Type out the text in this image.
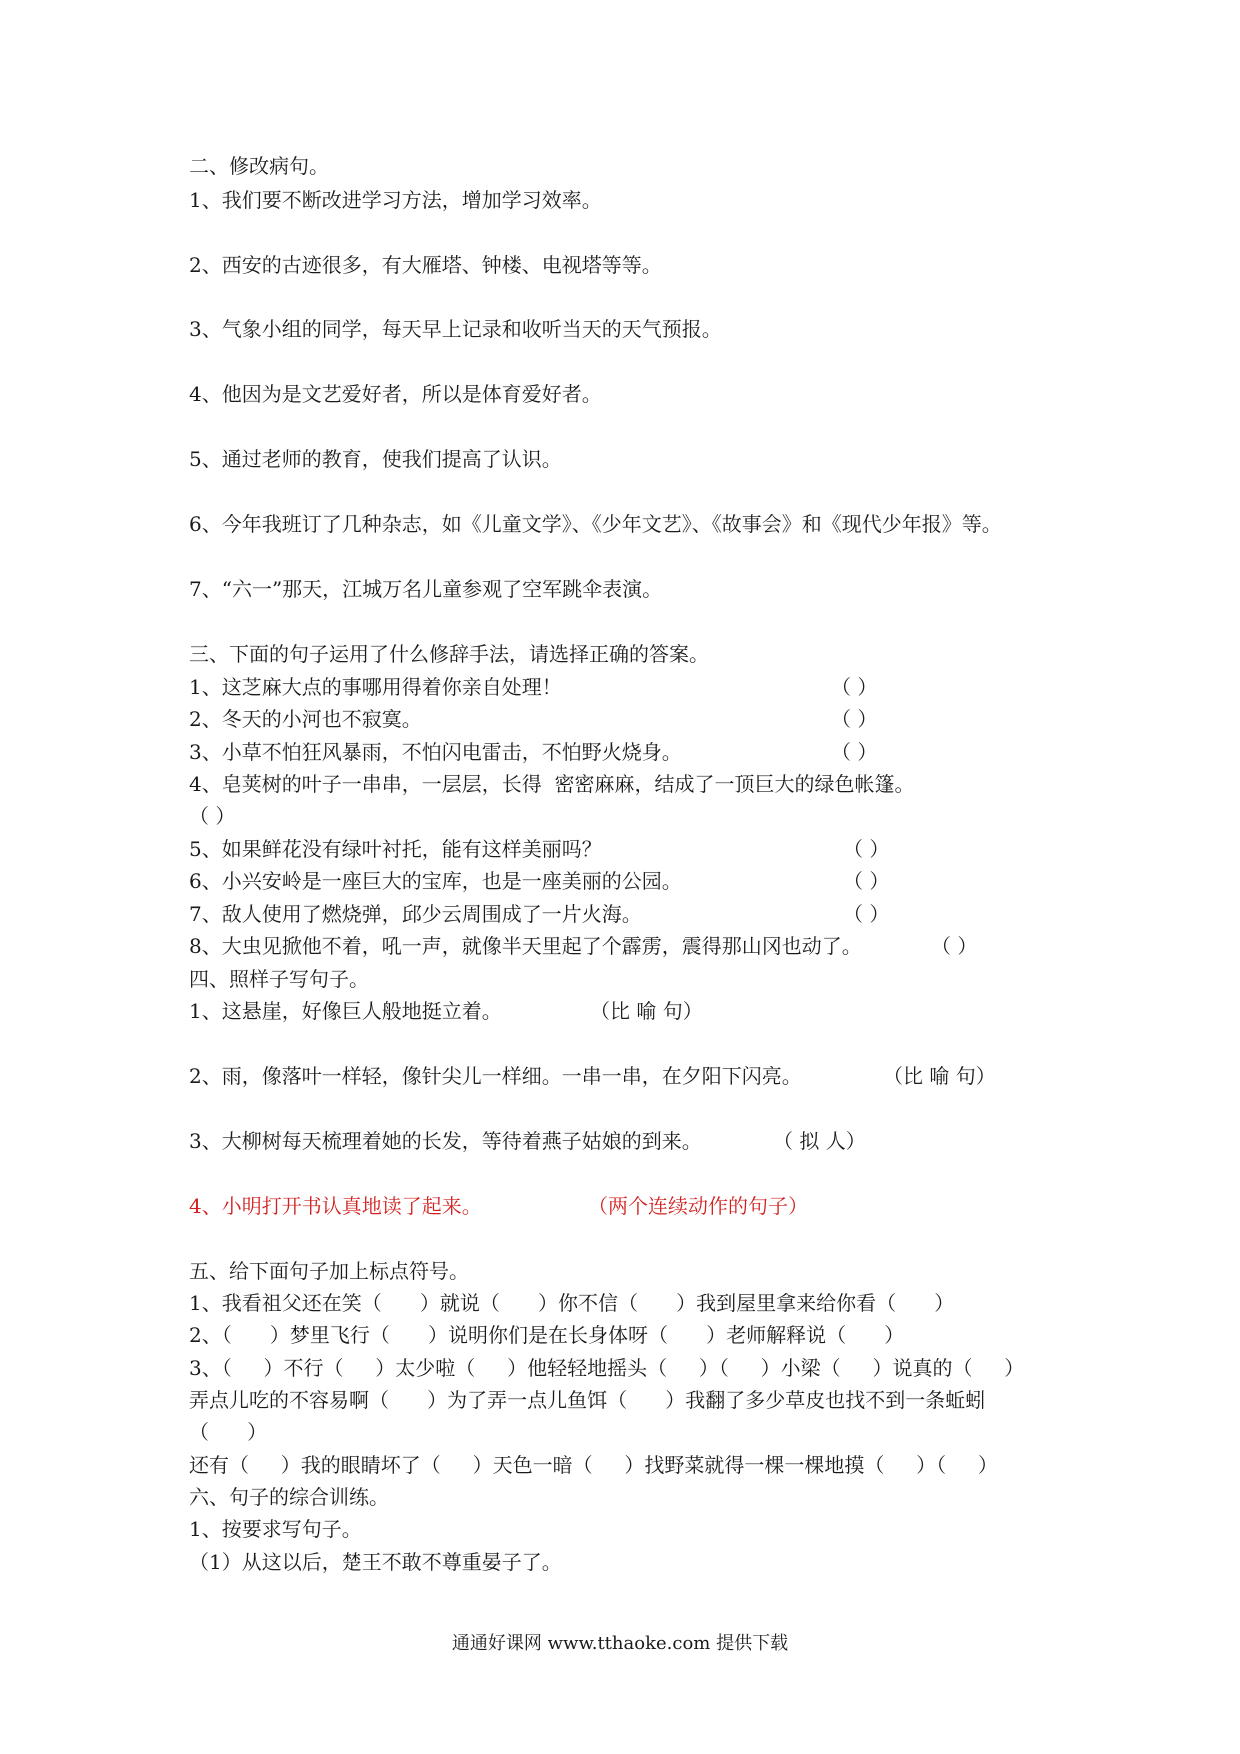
二、修改病句。
1、我们要不断改进学习方法，增加学习效率。
2、西安的古迹很多，有大雁塔、钟楼、电视塔等等。
3、气象小组的同学，每天早上记录和收听当天的天气预报。
4、他因为是文艺爱好者，所以是体育爱好者。
5、通过老师的教育，使我们提高了认识。
6、今年我班订了几种杂志，如《儿童文学》、《少年文艺》、《故事会》和《现代少年报》等。
7、“六一”那天，江城万名儿童参观了空军跳伞表演。
三、下面的句子运用了什么修辞手法，请选择正确的答案。
1、这芝麻大点的事哪用得着你亲自处理！	（ ）
2、冬天的小河也不寂寞。	（ ）
3、小草不怕狂风暴雨，不怕闪电雷击，不怕野火烧身。	（ ）
4、皂荚树的叶子一串串，一层层，长得  密密麻麻，结成了一顶巨大的绿色帐篷。
（ ）
5、如果鲜花没有绿叶衬托，能有这样美丽吗？	（ ）
6、小兴安岭是一座巨大的宝库，也是一座美丽的公园。	（ ）
7、敌人使用了燃烧弹，邱少云周围成了一片火海。	（ ）
8、大虫见掀他不着，吼一声，就像半天里起了个霹雳，震得那山冈也动了。	（ ）
四、照样子写句子。
1、这悬崖，好像巨人般地挺立着。	（比 喻 句）
2、雨，像落叶一样轻，像针尖儿一样细。一串一串，在夕阳下闪亮。	（比 喻 句）
3、大柳树每天梳理着她的长发，等待着燕子姑娘的到来。	（ 拟 人）
4、小明打开书认真地读了起来。	（两个连续动作的句子）
五、给下面句子加上标点符号。
1、我看祖父还在笑（      ）就说（      ）你不信（      ）我到屋里拿来给你看（      ）
2、（      ）梦里飞行（      ）说明你们是在长身体呀（      ）老师解释说（      ）
3、（     ）不行（     ）太少啦（     ）他轻轻地摇头（     ）（     ）小梁（     ）说真的（     ）
弄点儿吃的不容易啊（      ）为了弄一点儿鱼饵（      ）我翻了多少草皮也找不到一条蚯蚓
（      ）
还有（     ）我的眼睛坏了（     ）天色一暗（     ）找野菜就得一棵一棵地摸（     ）（     ）
六、句子的综合训练。
1、按要求写句子。
（1）从这以后，楚王不敢不尊重晏子了。
通通好课网 www.tthaoke.com 提供下载
